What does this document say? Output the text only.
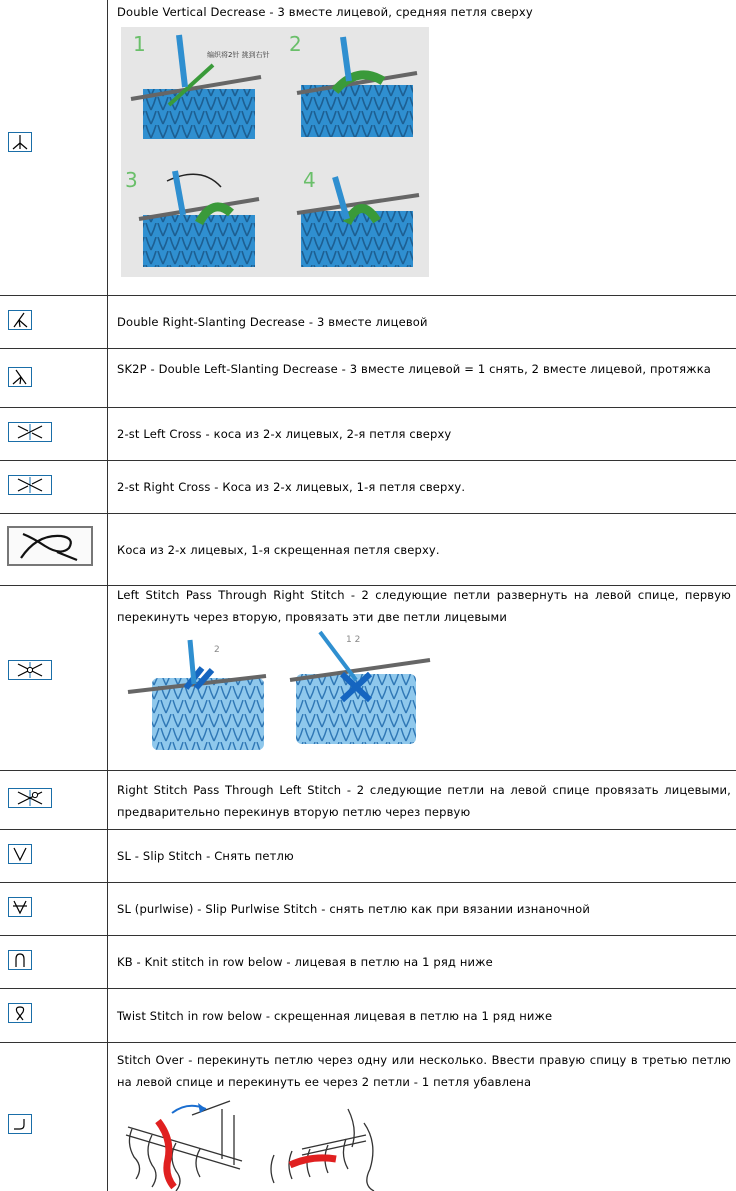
Double Vertical Decrease - 3 вместе лицевой, средняя петля сверху
1	编织将2针 挑到右针 2
3	4
Double Right-Slanting Decrease - 3 вместе лицевой
SK2P - Double Left-Slanting Decrease - 3 вместе лицевой = 1 снять, 2 вместе лицевой, протяжка
2-st Left Cross - коса из 2-х лицевых, 2-я петля сверху
2-st Right Cross - Коса из 2-х лицевых, 1-я петля сверху.
Коса из 2-х лицевых, 1-я скрещенная петля сверху.
Left Stitch Pass Through Right Stitch - 2 следующие петли развернуть на левой спице, первую перекинуть через вторую, провязать эти две петли лицевыми
2
1 2
Right Stitch Pass Through Left Stitch - 2 следующие петли на левой спице провязать лицевыми, предварительно перекинув вторую петлю через первую
SL - Slip Stitch - Снять петлю
SL (purlwise) - Slip Purlwise Stitch - снять петлю как при вязании изнаночной
KB - Knit stitch in row below - лицевая в петлю на 1 ряд ниже
Twist Stitch in row below - скрещенная лицевая в петлю на 1 ряд ниже
Stitch Over - перекинуть петлю через одну или несколько. Ввести правую спицу в третью петлю на левой спице и перекинуть ее через 2 петли - 1 петля убавлена
